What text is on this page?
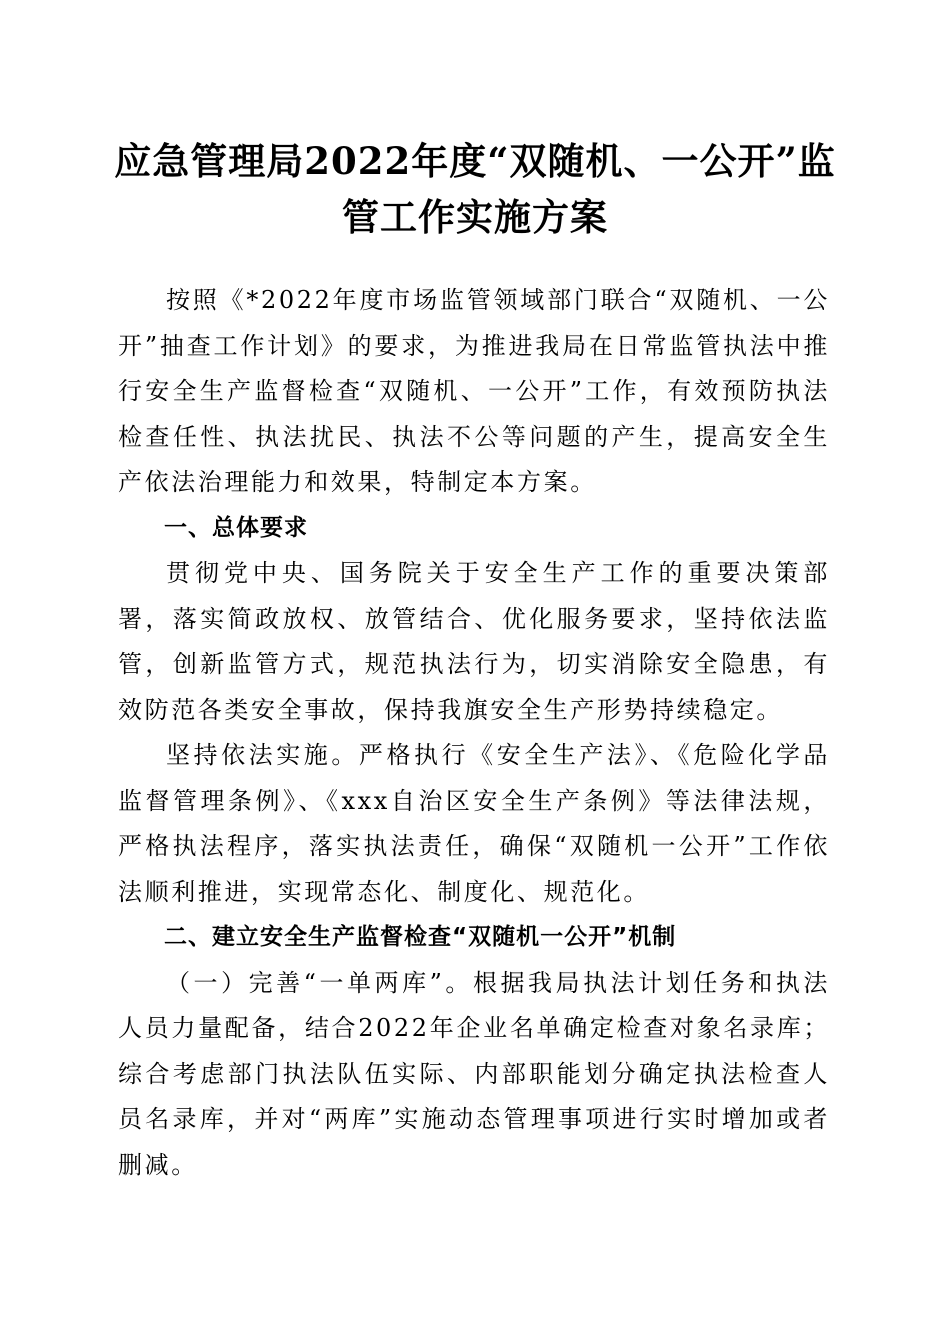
应急管理局2022年度“双随机、一公开”监
管工作实施方案

按照《*2022年度市场监管领域部门联合“双随机、一公开”抽查工作计划》的要求，为推进我局在日常监管执法中推行安全生产监督检查“双随机、一公开”工作，有效预防执法检查任性、执法扰民、执法不公等问题的产生，提高安全生产依法治理能力和效果，特制定本方案。

一、总体要求

贯彻党中央、国务院关于安全生产工作的重要决策部署，落实简政放权、放管结合、优化服务要求，坚持依法监管，创新监管方式，规范执法行为，切实消除安全隐患，有效防范各类安全事故，保持我旗安全生产形势持续稳定。

坚持依法实施。严格执行《安全生产法》、《危险化学品监督管理条例》、《xxx自治区安全生产条例》等法律法规，严格执法程序，落实执法责任，确保“双随机一公开”工作依法顺利推进，实现常态化、制度化、规范化。

二、建立安全生产监督检查“双随机一公开”机制

（一）完善“一单两库”。根据我局执法计划任务和执法人员力量配备，结合2022年企业名单确定检查对象名录库；综合考虑部门执法队伍实际、内部职能划分确定执法检查人员名录库，并对“两库”实施动态管理事项进行实时增加或者删减。
